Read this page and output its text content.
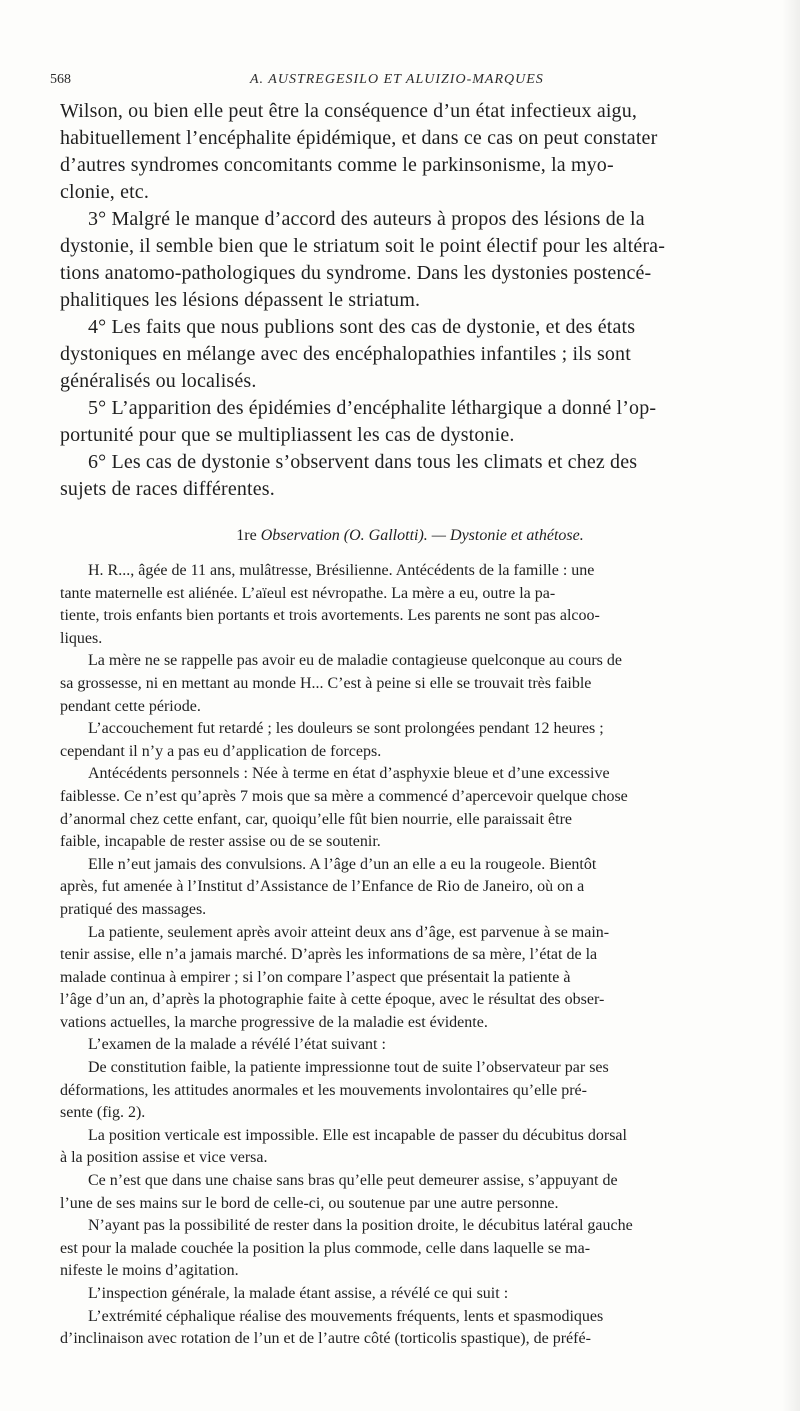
568	A. AUSTREGESILO ET ALUIZIO-MARQUES
Wilson, ou bien elle peut être la conséquence d’un état infectieux aigu,
habituellement l’encéphalite épidémique, et dans ce cas on peut constater
d’autres syndromes concomitants comme le parkinsonisme, la myo-
clonie, etc.
3° Malgré le manque d’accord des auteurs à propos des lésions de la
dystonie, il semble bien que le striatum soit le point électif pour les altéra-
tions anatomo-pathologiques du syndrome. Dans les dystonies postencé-
phalitiques les lésions dépassent le striatum.
4° Les faits que nous publions sont des cas de dystonie, et des états
dystoniques en mélange avec des encéphalopathies infantiles ; ils sont
généralisés ou localisés.
5° L’apparition des épidémies d’encéphalite léthargique a donné l’op-
portunité pour que se multipliassent les cas de dystonie.
6° Les cas de dystonie s’observent dans tous les climats et chez des
sujets de races différentes.
1re Observation (O. Gallotti). — Dystonie et athétose.
H. R..., âgée de 11 ans, mulâtresse, Brésilienne. Antécédents de la famille : une
tante maternelle est aliénée. L’aïeul est névropathe. La mère a eu, outre la pa-
tiente, trois enfants bien portants et trois avortements. Les parents ne sont pas alcoo-
liques.
La mère ne se rappelle pas avoir eu de maladie contagieuse quelconque au cours de
sa grossesse, ni en mettant au monde H... C’est à peine si elle se trouvait très faible
pendant cette période.
L’accouchement fut retardé ; les douleurs se sont prolongées pendant 12 heures ;
cependant il n’y a pas eu d’application de forceps.
Antécédents personnels : Née à terme en état d’asphyxie bleue et d’une excessive
faiblesse. Ce n’est qu’après 7 mois que sa mère a commencé d’apercevoir quelque chose
d’anormal chez cette enfant, car, quoiqu’elle fût bien nourrie, elle paraissait être
faible, incapable de rester assise ou de se soutenir.
Elle n’eut jamais des convulsions. A l’âge d’un an elle a eu la rougeole. Bientôt
après, fut amenée à l’Institut d’Assistance de l’Enfance de Rio de Janeiro, où on a
pratiqué des massages.
La patiente, seulement après avoir atteint deux ans d’âge, est parvenue à se main-
tenir assise, elle n’a jamais marché. D’après les informations de sa mère, l’état de la
malade continua à empirer ; si l’on compare l’aspect que présentait la patiente à
l’âge d’un an, d’après la photographie faite à cette époque, avec le résultat des obser-
vations actuelles, la marche progressive de la maladie est évidente.
L’examen de la malade a révélé l’état suivant :
De constitution faible, la patiente impressionne tout de suite l’observateur par ses
déformations, les attitudes anormales et les mouvements involontaires qu’elle pré-
sente (fig. 2).
La position verticale est impossible. Elle est incapable de passer du décubitus dorsal
à la position assise et vice versa.
Ce n’est que dans une chaise sans bras qu’elle peut demeurer assise, s’appuyant de
l’une de ses mains sur le bord de celle-ci, ou soutenue par une autre personne.
N’ayant pas la possibilité de rester dans la position droite, le décubitus latéral gauche
est pour la malade couchée la position la plus commode, celle dans laquelle se ma-
nifeste le moins d’agitation.
L’inspection générale, la malade étant assise, a révélé ce qui suit :
L’extrémité céphalique réalise des mouvements fréquents, lents et spasmodiques
d’inclinaison avec rotation de l’un et de l’autre côté (torticolis spastique), de préfé-
